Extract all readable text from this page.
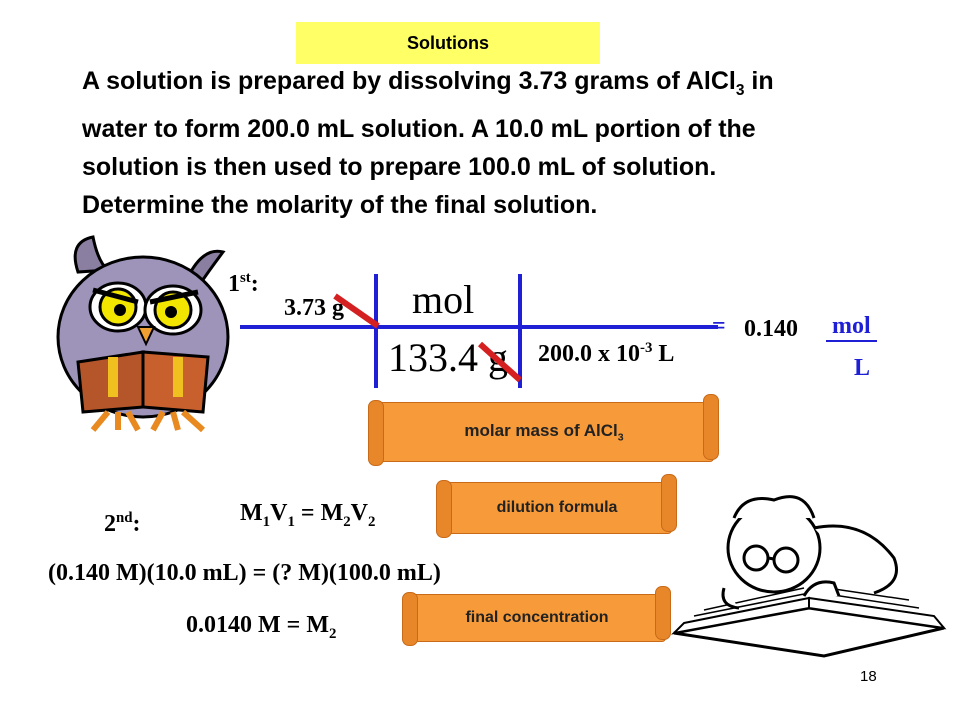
Solutions
A solution is prepared by dissolving 3.73 grams of AlCl$_3$ in
water to form 200.0 mL solution. A 10.0 mL portion of the
solution is then used to prepare 100.0 mL of solution.
Determine the molarity of the final solution.
1st:
3.73 g mol
133.4 g 200.0 x $10^{-3}$ L
= 0.140 mol
L
molar mass of AlCl$_3$
2nd:	$M_1V_1 = M_2V_2$
dilution formula
(0.140 M)(10.0 mL) = (? M)(100.0 mL)
0.0140 $M = M_2$
final concentration
18
